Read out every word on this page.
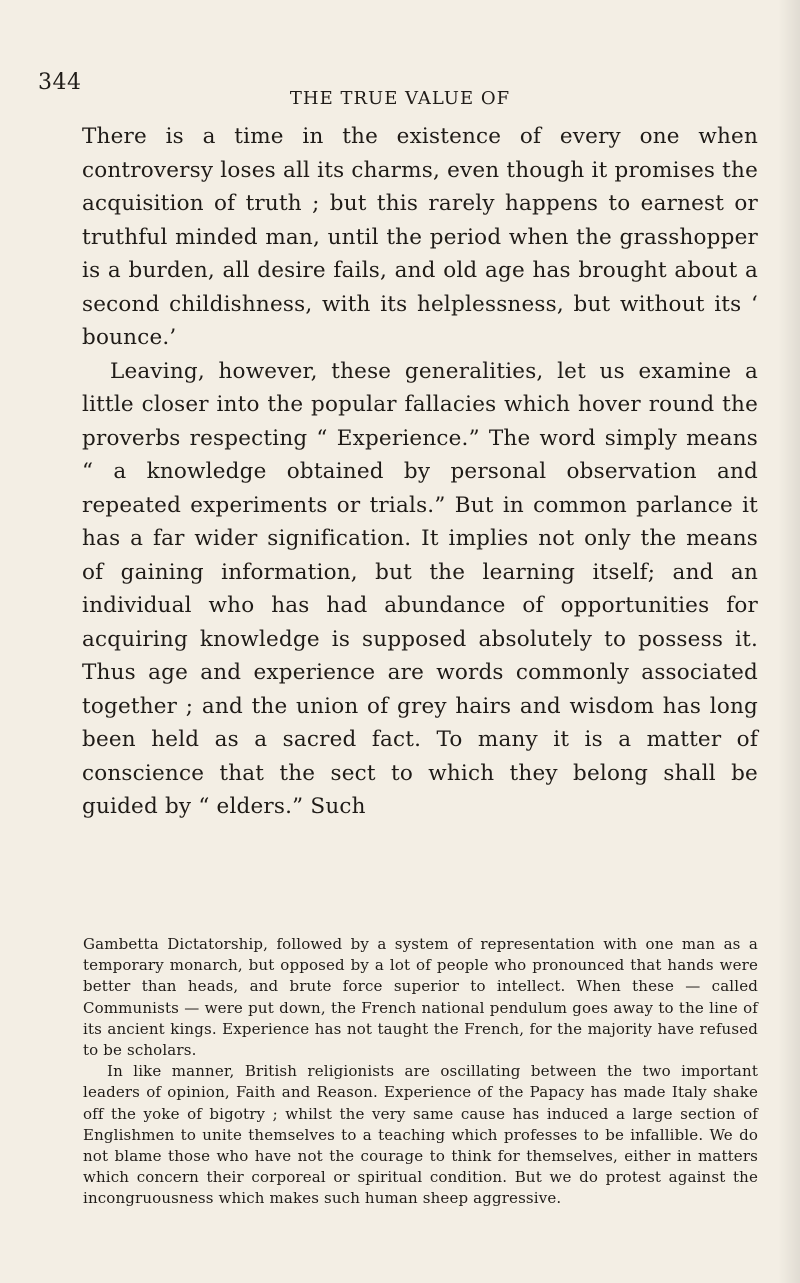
344
THE TRUE VALUE OF

There is a time in the existence of every one when controversy loses all its charms, even though it promises the acquisition of truth ; but this rarely happens to earnest or truthful minded man, until the period when the grasshopper is a burden, all desire fails, and old age has brought about a second childishness, with its helplessness, but without its ‘ bounce.’

Leaving, however, these generalities, let us examine a little closer into the popular fallacies which hover round the proverbs respecting “ Experience.” The word simply means “ a knowledge obtained by personal observation and repeated experiments or trials.” But in common parlance it has a far wider signification. It implies not only the means of gaining information, but the learning itself; and an individual who has had abundance of opportunities for acquiring knowledge is supposed absolutely to possess it. Thus age and experience are words commonly associated together ; and the union of grey hairs and wisdom has long been held as a sacred fact. To many it is a matter of conscience that the sect to which they belong shall be guided by “ elders.” Such

Gambetta Dictatorship, followed by a system of representation with one man as a temporary monarch, but opposed by a lot of people who pronounced that hands were better than heads, and brute force superior to intellect. When these — called Communists — were put down, the French national pendulum goes away to the line of its ancient kings. Experience has not taught the French, for the majority have refused to be scholars.

In like manner, British religionists are oscillating between the two important leaders of opinion, Faith and Reason. Experience of the Papacy has made Italy shake off the yoke of bigotry ; whilst the very same cause has induced a large section of Englishmen to unite themselves to a teaching which professes to be infallible. We do not blame those who have not the courage to think for themselves, either in matters which concern their corporeal or spiritual condition. But we do protest against the incongruousness which makes such human sheep aggressive.
